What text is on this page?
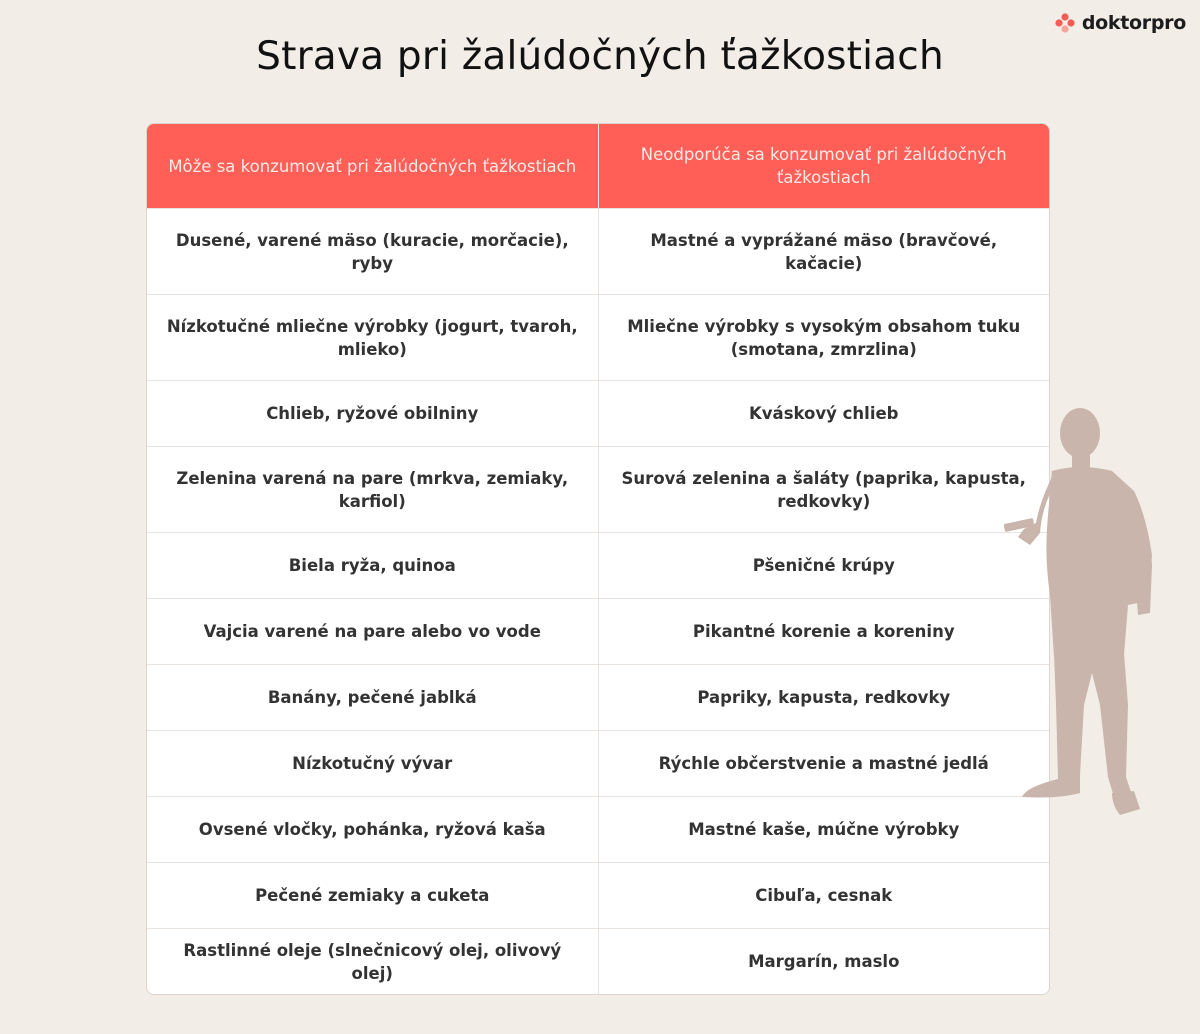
doktorpro
Strava pri žalúdočných ťažkostiach
Môže sa konzumovať pri žalúdočných ťažkostiach	Neodporúča sa konzumovať pri žalúdočných ťažkostiach
Dusené, varené mäso (kuracie, morčacie), ryby	Mastné a vyprážané mäso (bravčové, kačacie)
Nízkotučné mliečne výrobky (jogurt, tvaroh, mlieko)	Mliečne výrobky s vysokým obsahom tuku (smotana, zmrzlina)
Chlieb, ryžové obilniny	Kváskový chlieb
Zelenina varená na pare (mrkva, zemiaky, karfiol)	Surová zelenina a šaláty (paprika, kapusta, redkovky)
Biela ryža, quinoa	Pšeničné krúpy
Vajcia varené na pare alebo vo vode	Pikantné korenie a koreniny
Banány, pečené jablká	Papriky, kapusta, redkovky
Nízkotučný vývar	Rýchle občerstvenie a mastné jedlá
Ovsené vločky, pohánka, ryžová kaša	Mastné kaše, múčne výrobky
Pečené zemiaky a cuketa	Cibuľa, cesnak
Rastlinné oleje (slnečnicový olej, olivový olej)	Margarín, maslo
